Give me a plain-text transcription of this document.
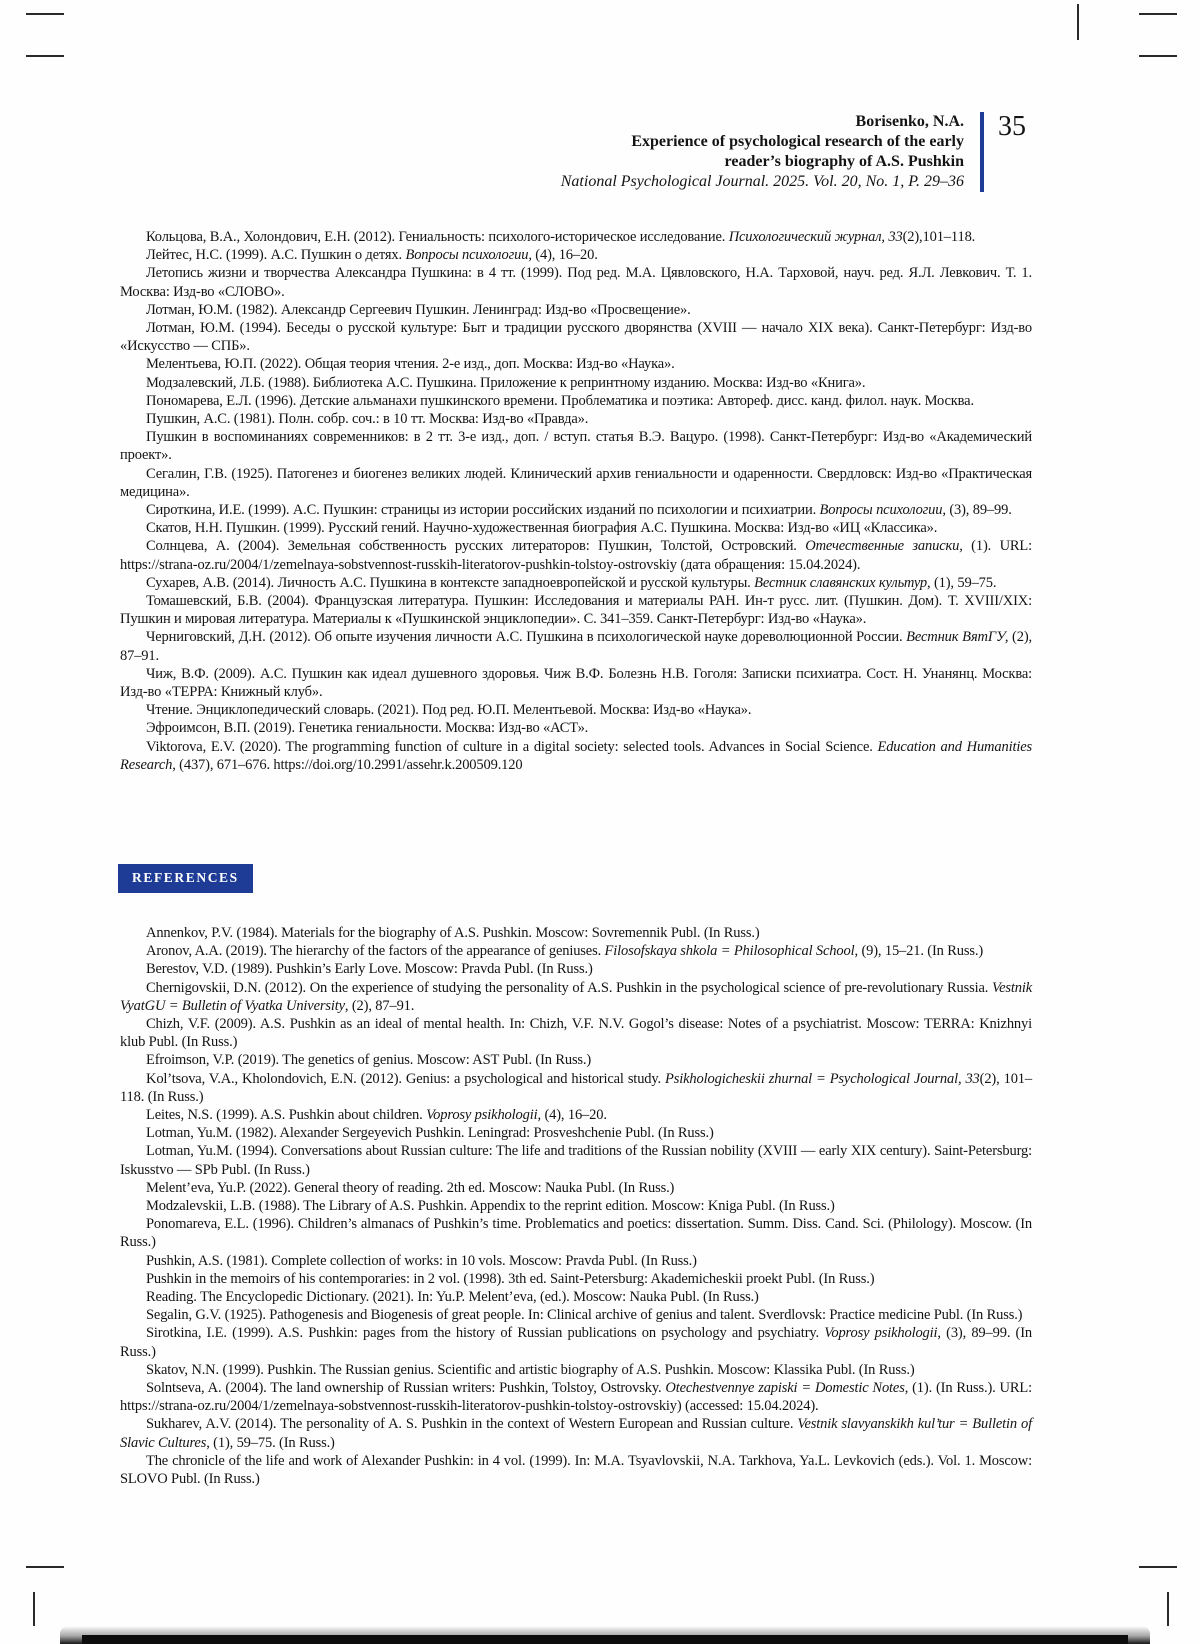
Borisenko, N.A.
Experience of psychological research of the early
reader’s biography of A.S. Pushkin
National Psychological Journal. 2025. Vol. 20, No. 1, P. 29–36
35

Кольцова, В.А., Холондович, Е.Н. (2012). Гениальность: психолого-историческое исследование. Психологический журнал, 33(2),101–118.

Лейтес, Н.С. (1999). А.С. Пушкин о детях. Вопросы психологии, (4), 16–20.

Летопись жизни и творчества Александра Пушкина: в 4 тт. (1999). Под ред. М.А. Цявловского, Н.А. Тарховой, науч. ред. Я.Л. Левкович. Т. 1. Москва: Изд-во «СЛОВО».

Лотман, Ю.М. (1982). Александр Сергеевич Пушкин. Ленинград: Изд-во «Просвещение».

Лотман, Ю.М. (1994). Беседы о русской культуре: Быт и традиции русского дворянства (XVIII — начало XIX века). Санкт-Петербург: Изд-во «Искусство — СПБ».

Мелентьева, Ю.П. (2022). Общая теория чтения. 2-е изд., доп. Москва: Изд-во «Наука».

Модзалевский, Л.Б. (1988). Библиотека А.С. Пушкина. Приложение к репринтному изданию. Москва: Изд-во «Книга».

Пономарева, Е.Л. (1996). Детские альманахи пушкинского времени. Проблематика и поэтика: Автореф. дисс. канд. филол. наук. Москва.

Пушкин, А.С. (1981). Полн. собр. соч.: в 10 тт. Москва: Изд-во «Правда».

Пушкин в воспоминаниях современников: в 2 тт. 3-е изд., доп. / вступ. статья В.Э. Вацуро. (1998). Санкт-Петербург: Изд-во «Академический проект».

Сегалин, Г.В. (1925). Патогенез и биогенез великих людей. Клинический архив гениальности и одаренности. Свердловск: Изд-во «Практическая медицина».

Сироткина, И.Е. (1999). А.С. Пушкин: страницы из истории российских изданий по психологии и психиатрии. Вопросы психологии, (3), 89–99.

Скатов, Н.Н. Пушкин. (1999). Русский гений. Научно-художественная биография А.С. Пушкина. Москва: Изд-во «ИЦ «Классика».

Солнцева, А. (2004). Земельная собственность русских литераторов: Пушкин, Толстой, Островский. Отечественные записки, (1). URL: https://strana-oz.ru/2004/1/zemelnaya-sobstvennost-russkih-literatorov-pushkin-tolstoy-ostrovskiy (дата обращения: 15.04.2024).

Сухарев, А.В. (2014). Личность А.С. Пушкина в контексте западноевропейской и русской культуры. Вестник славянских культур, (1), 59–75.

Томашевский, Б.В. (2004). Французская литература. Пушкин: Исследования и материалы РАН. Ин-т русс. лит. (Пушкин. Дом). Т. XVIII/XIX: Пушкин и мировая литература. Материалы к «Пушкинской энциклопедии». С. 341–359. Санкт-Петербург: Изд-во «Наука».

Черниговский, Д.Н. (2012). Об опыте изучения личности А.С. Пушкина в психологической науке дореволюционной России. Вестник ВятГУ, (2), 87–91.

Чиж, В.Ф. (2009). А.С. Пушкин как идеал душевного здоровья. Чиж В.Ф. Болезнь Н.В. Гоголя: Записки психиатра. Сост. Н. Унанянц. Москва: Изд-во «ТЕРРА: Книжный клуб».

Чтение. Энциклопедический словарь. (2021). Под ред. Ю.П. Мелентьевой. Москва: Изд-во «Наука».

Эфроимсон, В.П. (2019). Генетика гениальности. Москва: Изд-во «АСТ».

Viktorova, E.V. (2020). The programming function of culture in a digital society: selected tools. Advances in Social Science. Education and Humanities Research, (437), 671–676. https://doi.org/10.2991/assehr.k.200509.120

REFERENCES

Annenkov, P.V. (1984). Materials for the biography of A.S. Pushkin. Moscow: Sovremennik Publ. (In Russ.)

Aronov, A.A. (2019). The hierarchy of the factors of the appearance of geniuses. Filosofskaya shkola = Philosophical School, (9), 15–21. (In Russ.)

Berestov, V.D. (1989). Pushkin’s Early Love. Moscow: Pravda Publ. (In Russ.)

Chernigovskii, D.N. (2012). On the experience of studying the personality of A.S. Pushkin in the psychological science of pre-revolutionary Russia. Vestnik VyatGU = Bulletin of Vyatka University, (2), 87–91.

Chizh, V.F. (2009). A.S. Pushkin as an ideal of mental health. In: Chizh, V.F. N.V. Gogol’s disease: Notes of a psychiatrist. Moscow: TERRA: Knizhnyi klub Publ. (In Russ.)

Efroimson, V.P. (2019). The genetics of genius. Moscow: AST Publ. (In Russ.)

Kol’tsova, V.A., Kholondovich, E.N. (2012). Genius: a psychological and historical study. Psikhologicheskii zhurnal = Psychological Journal, 33(2), 101–118. (In Russ.)

Leites, N.S. (1999). A.S. Pushkin about children. Voprosy psikhologii, (4), 16–20.

Lotman, Yu.M. (1982). Alexander Sergeyevich Pushkin. Leningrad: Prosveshchenie Publ. (In Russ.)

Lotman, Yu.M. (1994). Conversations about Russian culture: The life and traditions of the Russian nobility (XVIII — early XIX century). Saint-Petersburg: Iskusstvo — SPb Publ. (In Russ.)

Melent’eva, Yu.P. (2022). General theory of reading. 2th ed. Moscow: Nauka Publ. (In Russ.)

Modzalevskii, L.B. (1988). The Library of A.S. Pushkin. Appendix to the reprint edition. Moscow: Kniga Publ. (In Russ.)

Ponomareva, E.L. (1996). Children’s almanacs of Pushkin’s time. Problematics and poetics: dissertation. Summ. Diss. Cand. Sci. (Philology). Moscow. (In Russ.)

Pushkin, A.S. (1981). Complete collection of works: in 10 vols. Moscow: Pravda Publ. (In Russ.)

Pushkin in the memoirs of his contemporaries: in 2 vol. (1998). 3th ed. Saint-Petersburg: Akademicheskii proekt Publ. (In Russ.)

Reading. The Encyclopedic Dictionary. (2021). In: Yu.P. Melent’eva, (ed.). Moscow: Nauka Publ. (In Russ.)

Segalin, G.V. (1925). Pathogenesis and Biogenesis of great people. In: Clinical archive of genius and talent. Sverdlovsk: Practice medicine Publ. (In Russ.)

Sirotkina, I.E. (1999). A.S. Pushkin: pages from the history of Russian publications on psychology and psychiatry. Voprosy psikhologii, (3), 89–99. (In Russ.)

Skatov, N.N. (1999). Pushkin. The Russian genius. Scientific and artistic biography of A.S. Pushkin. Moscow: Klassika Publ. (In Russ.)

Solntseva, A. (2004). The land ownership of Russian writers: Pushkin, Tolstoy, Ostrovsky. Otechestvennye zapiski = Domestic Notes, (1). (In Russ.). URL: https://strana-oz.ru/2004/1/zemelnaya-sobstvennost-russkih-literatorov-pushkin-tolstoy-ostrovskiy) (accessed: 15.04.2024).

Sukharev, A.V. (2014). The personality of A. S. Pushkin in the context of Western European and Russian culture. Vestnik slavyanskikh kul’tur = Bulletin of Slavic Cultures, (1), 59–75. (In Russ.)

The chronicle of the life and work of Alexander Pushkin: in 4 vol. (1999). In: M.A. Tsyavlovskii, N.A. Tarkhova, Ya.L. Levkovich (eds.). Vol. 1. Moscow: SLOVO Publ. (In Russ.)
